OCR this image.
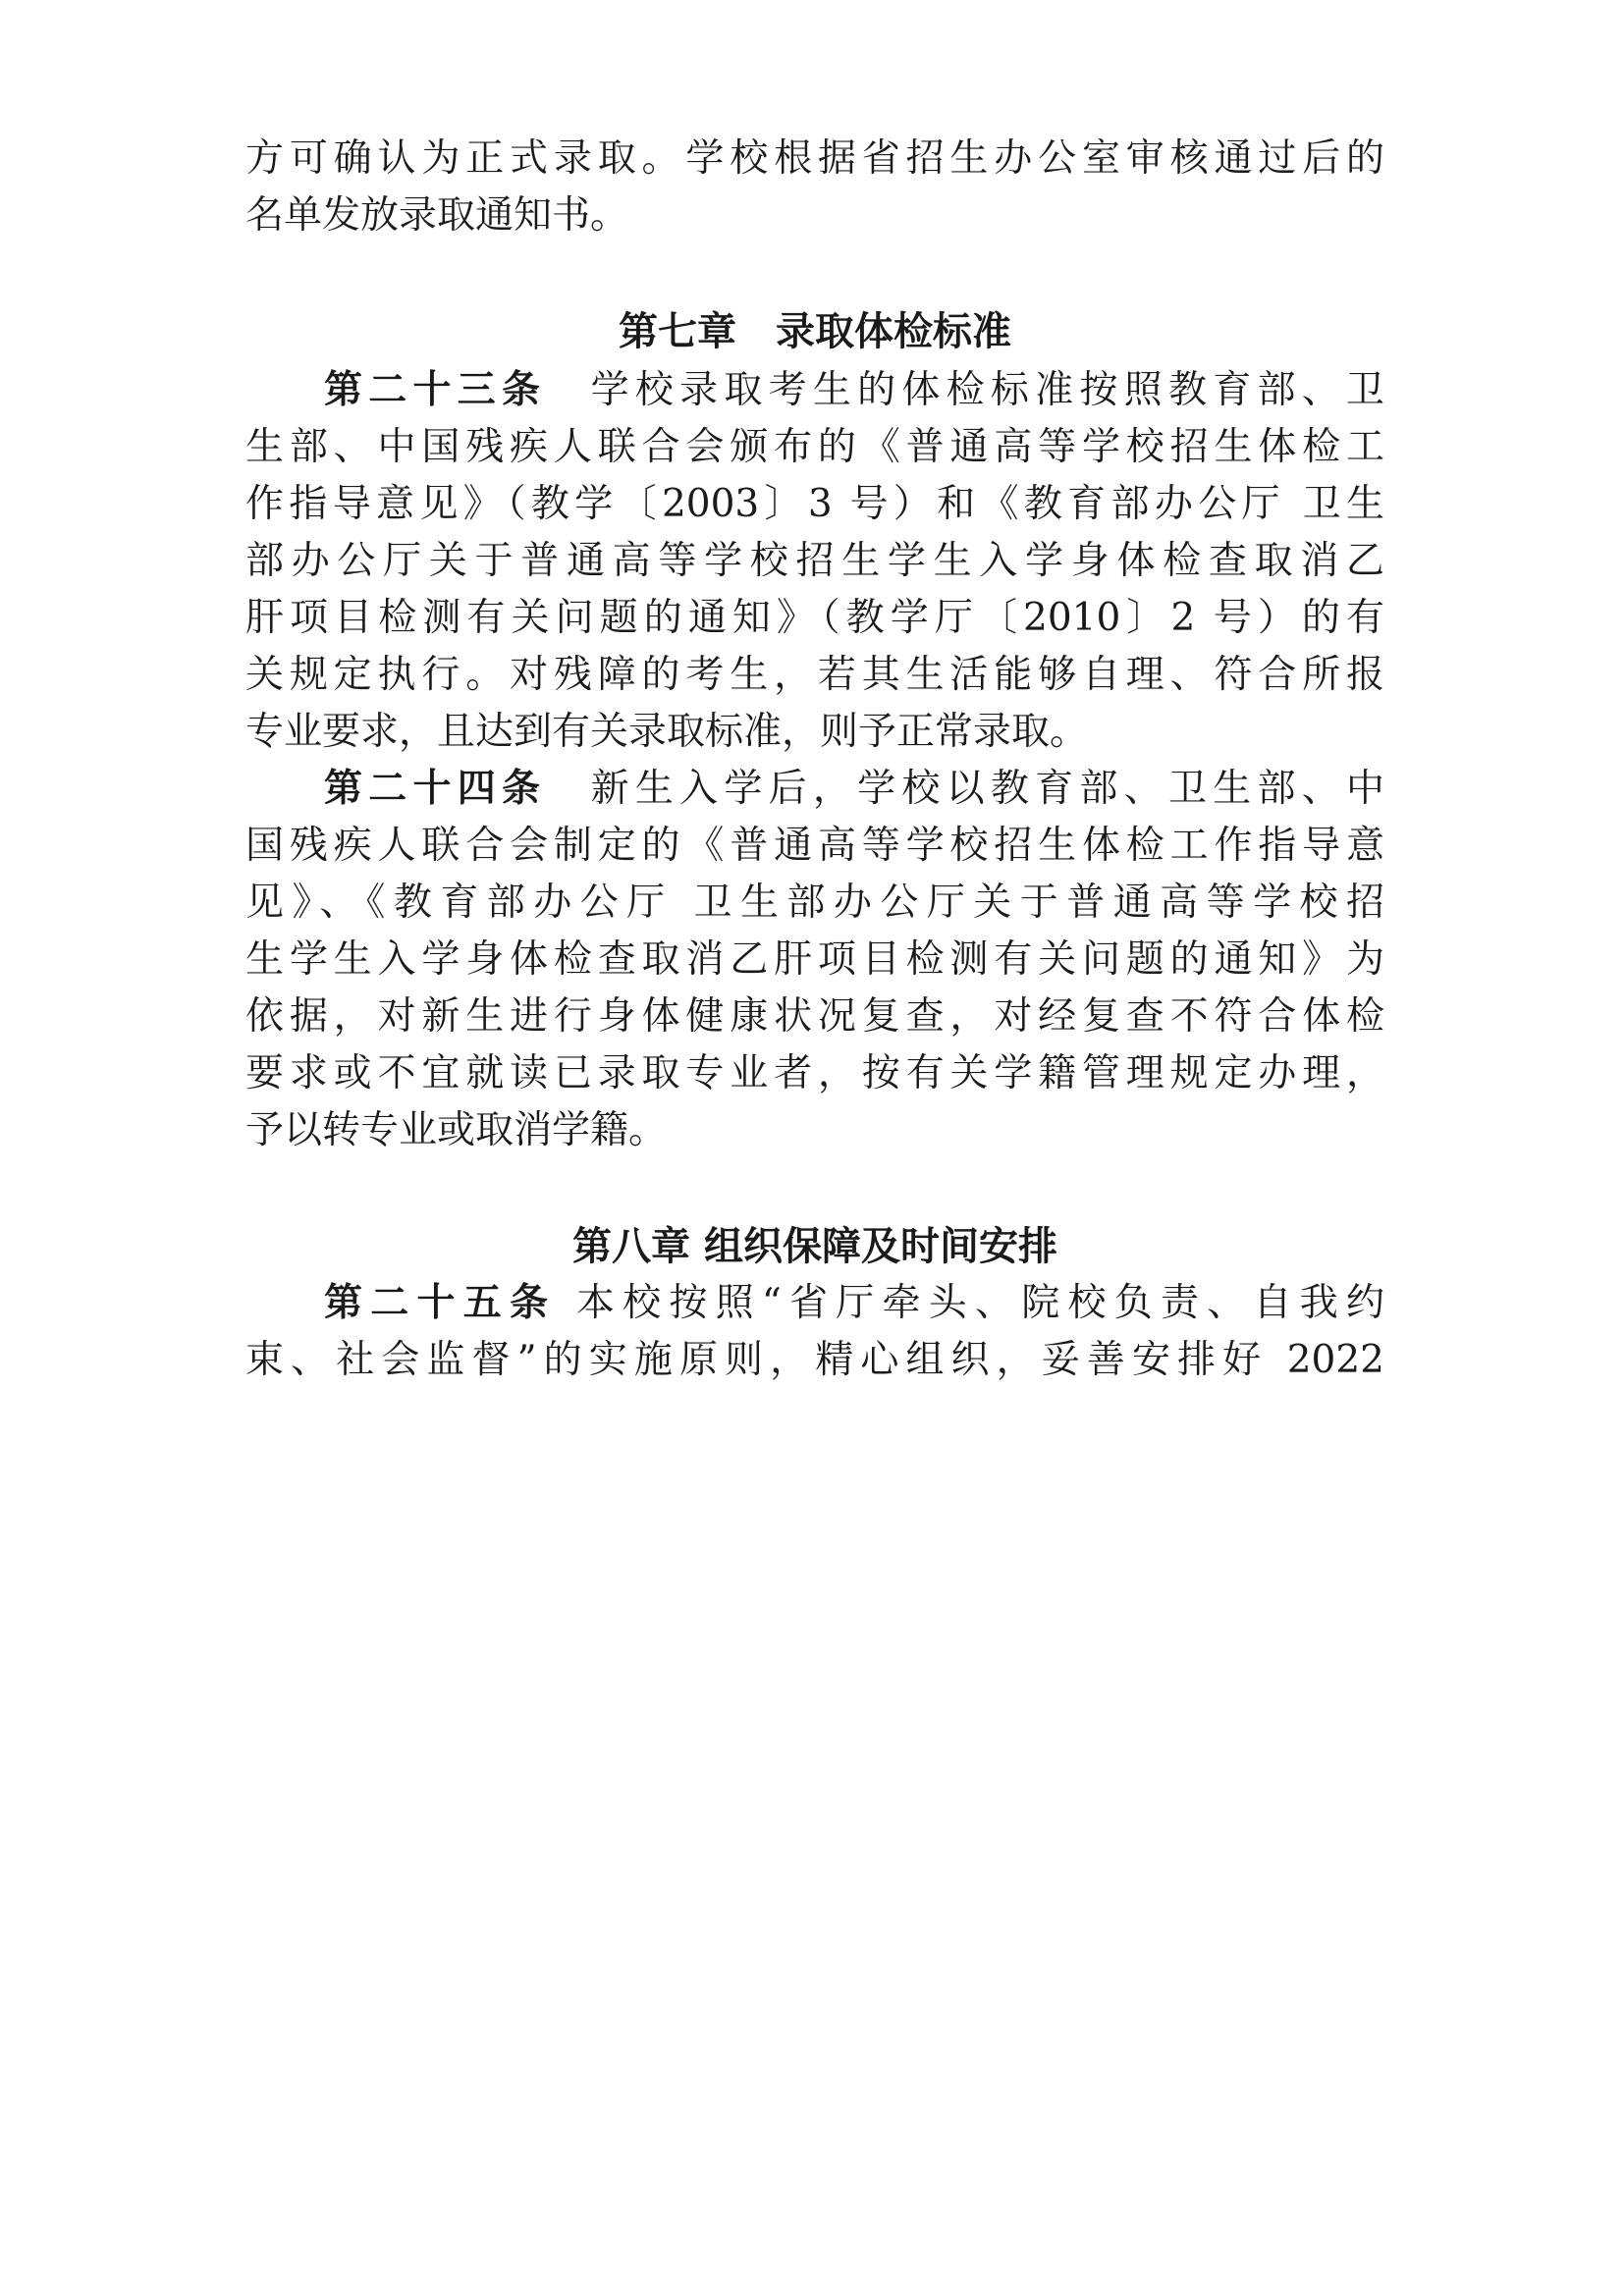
方可确认为正式录取。学校根据省招生办公室审核通过后的
名单发放录取通知书。
第七章　录取体检标准
第二十三条　学校录取考生的体检标准按照教育部、卫
生部、中国残疾人联合会颁布的《普通高等学校招生体检工
作指导意见》（教学〔2003〕3 号）和《教育部办公厅 卫生
部办公厅关于普通高等学校招生学生入学身体检查取消乙
肝项目检测有关问题的通知》（教学厅〔2010〕2 号）的有
关规定执行。对残障的考生，若其生活能够自理、符合所报
专业要求，且达到有关录取标准，则予正常录取。
第二十四条　新生入学后，学校以教育部、卫生部、中
国残疾人联合会制定的《普通高等学校招生体检工作指导意
见》、《教育部办公厅 卫生部办公厅关于普通高等学校招
生学生入学身体检查取消乙肝项目检测有关问题的通知》为
依据，对新生进行身体健康状况复查，对经复查不符合体检
要求或不宜就读已录取专业者，按有关学籍管理规定办理，
予以转专业或取消学籍。
第八章 组织保障及时间安排
第二十五条 本校按照“省厅牵头、院校负责、自我约
束、社会监督”的实施原则，精心组织，妥善安排好 2022
